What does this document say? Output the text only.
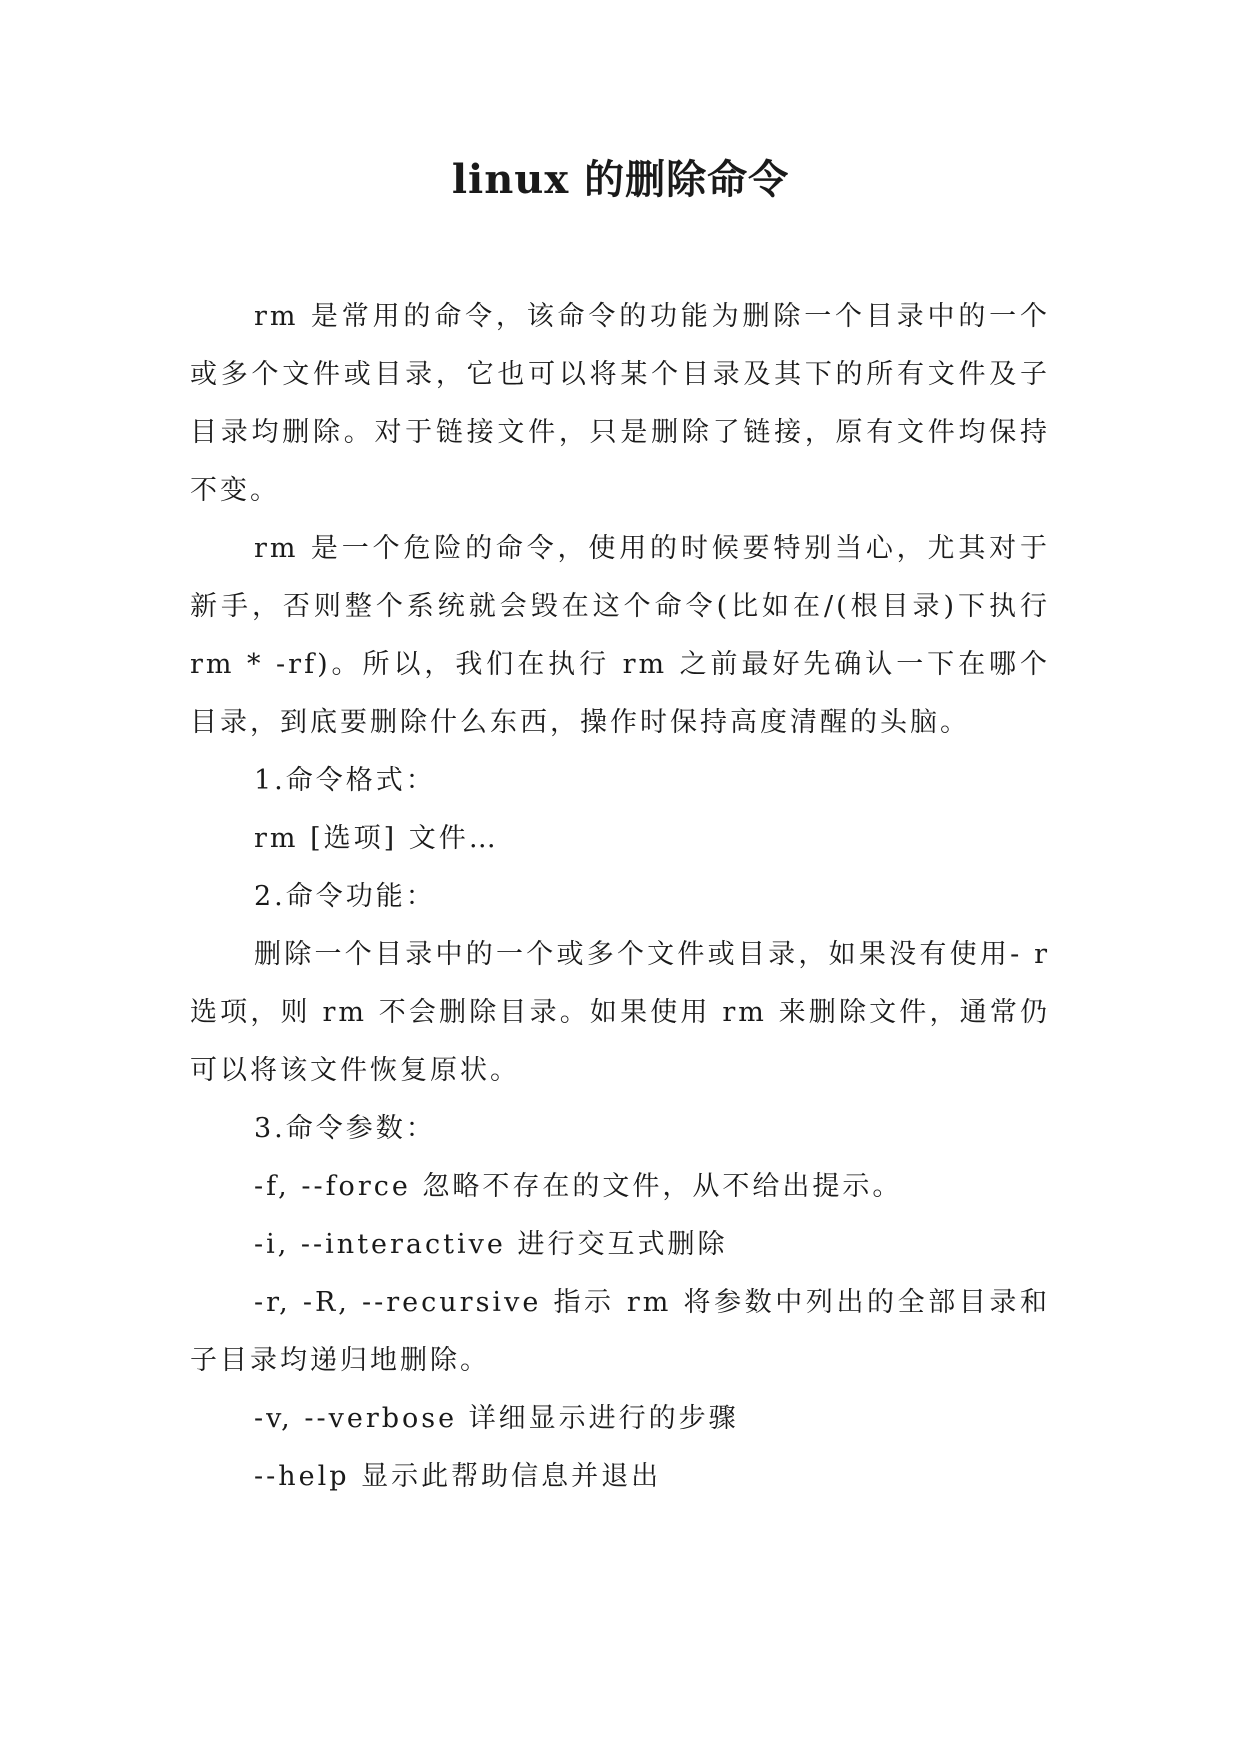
linux 的删除命令

rm 是常用的命令，该命令的功能为删除一个目录中的一个或多个文件或目录，它也可以将某个目录及其下的所有文件及子目录均删除。对于链接文件，只是删除了链接，原有文件均保持不变。

rm 是一个危险的命令，使用的时候要特别当心，尤其对于新手，否则整个系统就会毁在这个命令(比如在/(根目录)下执行 rm * -rf)。所以，我们在执行 rm 之前最好先确认一下在哪个目录，到底要删除什么东西，操作时保持高度清醒的头脑。

1.命令格式：

rm [选项] 文件…

2.命令功能：

删除一个目录中的一个或多个文件或目录，如果没有使用- r 选项，则 rm 不会删除目录。如果使用 rm 来删除文件，通常仍可以将该文件恢复原状。

3.命令参数：

-f, --force 忽略不存在的文件，从不给出提示。

-i, --interactive 进行交互式删除

-r, -R, --recursive 指示 rm 将参数中列出的全部目录和子目录均递归地删除。

-v, --verbose 详细显示进行的步骤

--help 显示此帮助信息并退出
